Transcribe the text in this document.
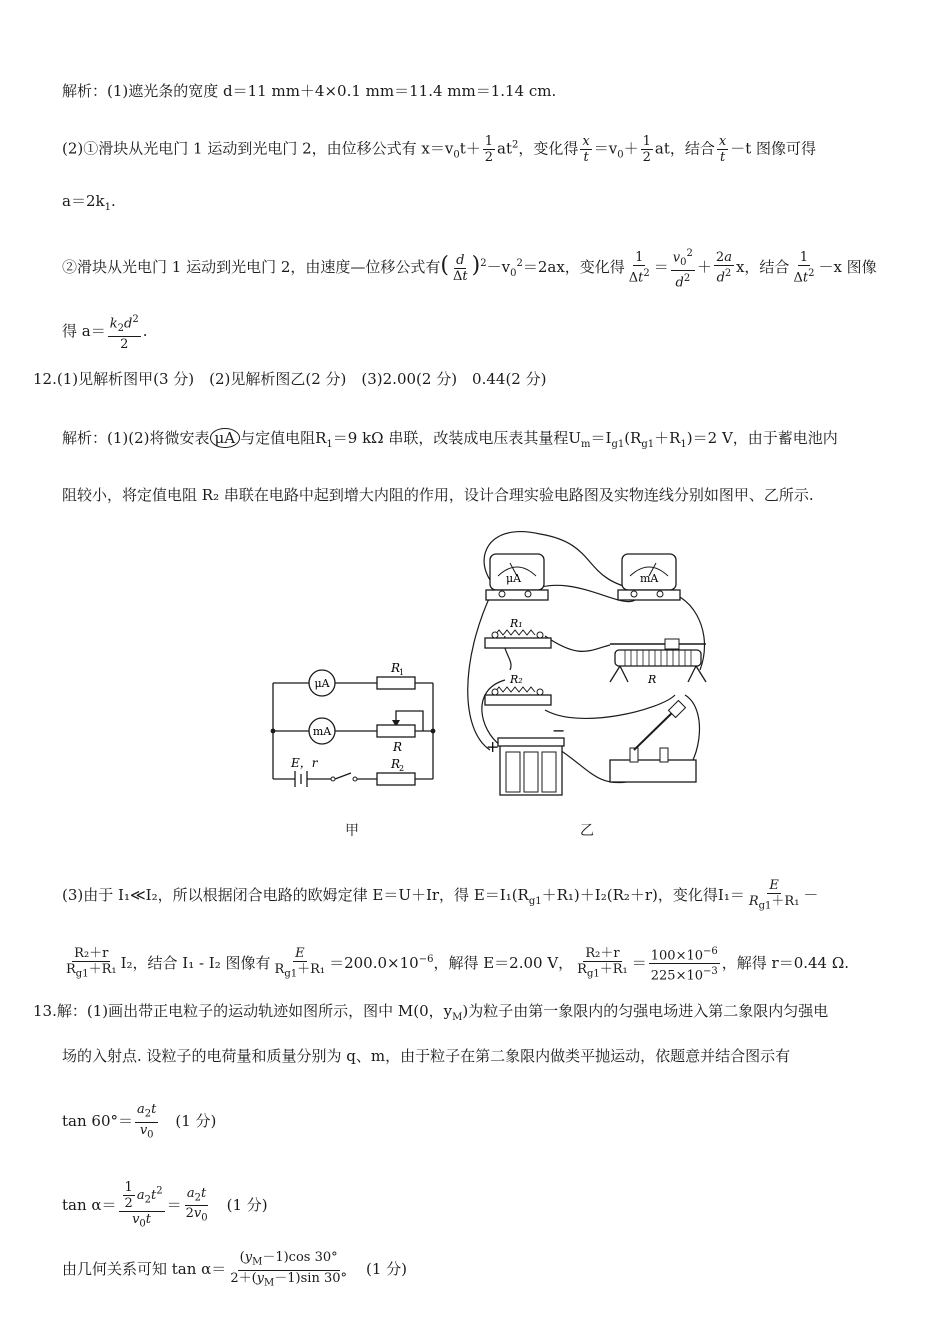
解析：(1)遮光条的宽度 d＝11 mm＋4×0.1 mm＝11.4 mm＝1.14 cm.
(2)①滑块从光电门 1 运动到光电门 2，由位移公式有 $x=v_0t+ \frac{1}{2} at^2$，变化得 $\frac{x}{t} =v_0+ \frac{1}{2}$ at，结合 $\frac{x}{t} -t$ 图像可得
$a=2k_1$.
②滑块从光电门 1 运动到光电门 2，由速度—位移公式有( $\frac{d}{\Delta t} )^2-v_0^2=2ax$，变化得 $\frac{1}{\Delta t^2} = \frac{v_0^2}{d^2} + \frac{2a}{d^2}$ x，结合 $\frac{1}{\Delta t^2} -x$ 图像
得 $a= \frac{k_2d^2}{2}$ .
12.(1)见解析图甲(3 分)　(2)见解析图乙(2 分)　(3)2.00(2 分)　0.44(2 分)
解析：(1)(2)将微安表 μA 与定值电阻$R_1=9$ kΩ 串联，改装成电压表其量程$U_m=I_{g1}(R_{g1}+R_1)=2$ V，由于蓄电池内
阻较小，将定值电阻 R₂ 串联在电路中起到增大内阻的作用，设计合理实验电路图及实物连线分别如图甲、乙所示.
μA
mA
R
1
R
E，r	R
2
甲
μA	mA
R₁
R₂	R
+
−
乙
(3)由于 I₁≪I₂，所以根据闭合电路的欧姆定律 E＝U＋Ir，得 $E=I_1(R_{g1}+R_1)+I_2(R_2+r)$，变化得$I_1= \frac{E}{R_{g1}+R_1}$ －
$\frac{\text{R₂＋r}}{R_{g1}+R_1} I_2$，结合 I₁ - I₂ 图像有 $\frac{E}{R_{g1}+R_1} =200.0\times 10^{-6}$，解得 E＝2.00 V， $\frac{\text{R₂＋r}}{R_{g1}+R_1} = \frac{100\times 10^{-6}}{225\times 10^{-3}}$ ，解得 r＝0.44 Ω.
13.解：(1)画出带正电粒子的运动轨迹如图所示，图中 M(0，$y_M$)为粒子由第一象限内的匀强电场进入第二象限内匀强电
场的入射点. 设粒子的电荷量和质量分别为 q、m，由于粒子在第二象限内做类平抛运动，依题意并结合图示有
$\tan 60^\circ= \frac{a_2t}{v_0}$
　 (1 分)
$\tan \alpha= \frac{\frac{1}{2} a_2t^2}{v_0t} = \frac{a_2t}{2v_0}$
　 (1 分)
由几何关系可知 $\tan \alpha= \frac{(y_M-1)\cos 30^\circ}{2+(y_M-1)\sin 30^\circ}$
　 (1 分)
